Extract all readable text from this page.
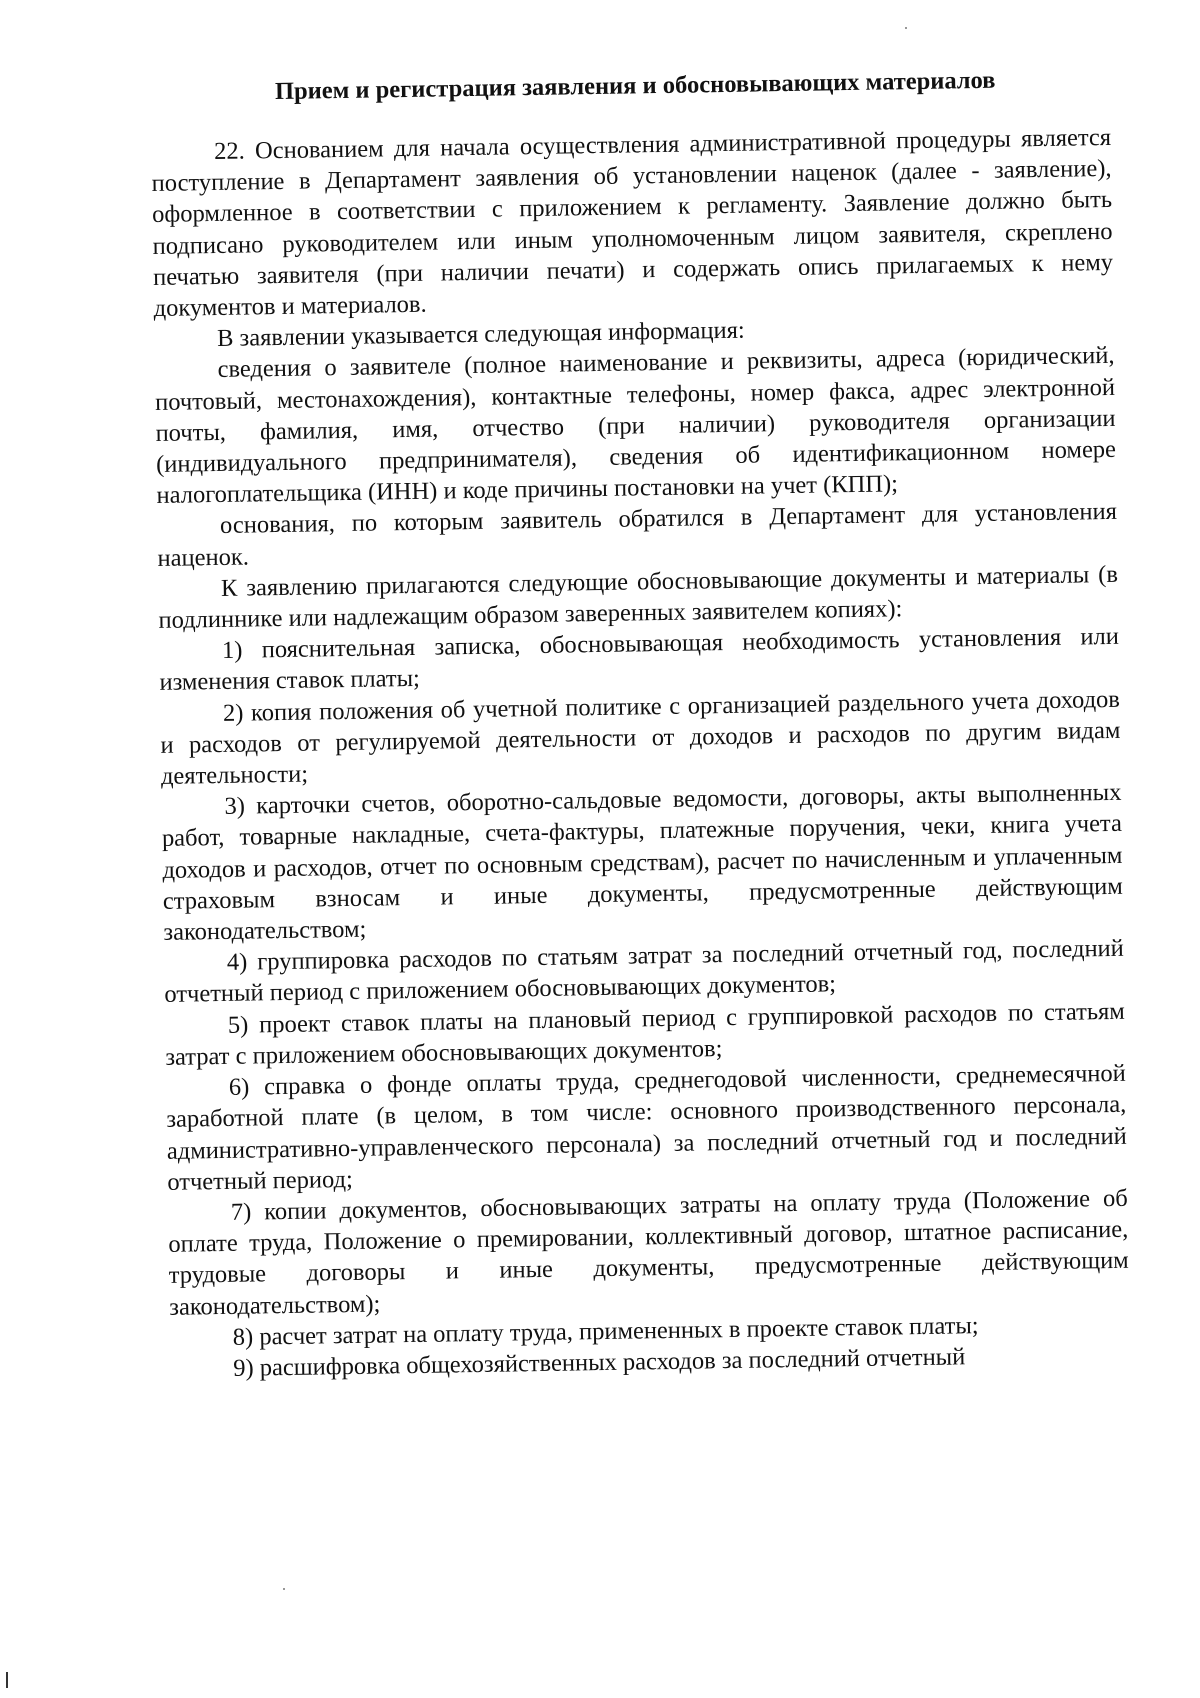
Прием и регистрация заявления и обосновывающих материалов

22. Основанием для начала осуществления административной процедуры является поступление в Департамент заявления об установлении наценок (далее - заявление), оформленное в соответствии с приложением к регламенту. Заявление должно быть подписано руководителем или иным уполномоченным лицом заявителя, скреплено печатью заявителя (при наличии печати) и содержать опись прилагаемых к нему документов и материалов.

В заявлении указывается следующая информация:

сведения о заявителе (полное наименование и реквизиты, адреса (юридический, почтовый, местонахождения), контактные телефоны, номер факса, адрес электронной почты, фамилия, имя, отчество (при наличии) руководителя организации (индивидуального предпринимателя), сведения об идентификационном номере налогоплательщика (ИНН) и коде причины постановки на учет (КПП);

основания, по которым заявитель обратился в Департамент для установления наценок.

К заявлению прилагаются следующие обосновывающие документы и материалы (в подлиннике или надлежащим образом заверенных заявителем копиях):

1) пояснительная записка, обосновывающая необходимость установления или изменения ставок платы;

2) копия положения об учетной политике с организацией раздельного учета доходов и расходов от регулируемой деятельности от доходов и расходов по другим видам деятельности;

3) карточки счетов, оборотно-сальдовые ведомости, договоры, акты выполненных работ, товарные накладные, счета-фактуры, платежные поручения, чеки, книга учета доходов и расходов, отчет по основным средствам), расчет по начисленным и уплаченным страховым взносам и иные документы, предусмотренные действующим законодательством;

4) группировка расходов по статьям затрат за последний отчетный год, последний отчетный период с приложением обосновывающих документов;

5) проект ставок платы на плановый период с группировкой расходов по статьям затрат с приложением обосновывающих документов;

6) справка о фонде оплаты труда, среднегодовой численности, среднемесячной заработной плате (в целом, в том числе: основного производственного персонала, административно-управленческого персонала) за последний отчетный год и последний отчетный период;

7) копии документов, обосновывающих затраты на оплату труда (Положение об оплате труда, Положение о премировании, коллективный договор, штатное расписание, трудовые договоры и иные документы, предусмотренные действующим законодательством);

8) расчет затрат на оплату труда, примененных в проекте ставок платы;

9) расшифровка общехозяйственных расходов за последний отчетный
